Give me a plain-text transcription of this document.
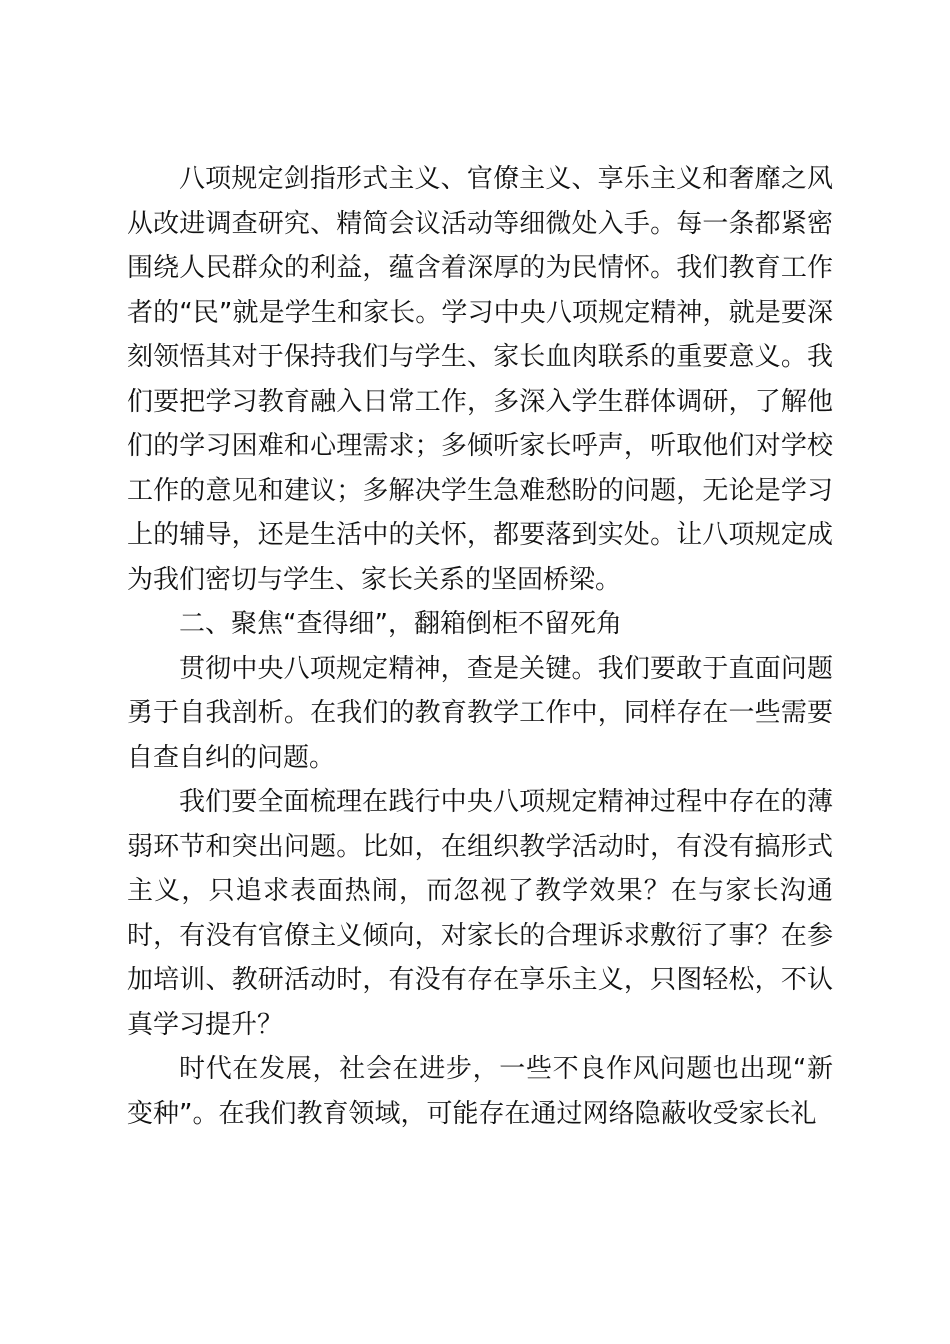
八项规定剑指形式主义、官僚主义、享乐主义和奢靡之风从改进调查研究、精简会议活动等细微处入手。每一条都紧密围绕人民群众的利益，蕴含着深厚的为民情怀。我们教育工作者的“民”就是学生和家长。学习中央八项规定精神，就是要深刻领悟其对于保持我们与学生、家长血肉联系的重要意义。我们要把学习教育融入日常工作，多深入学生群体调研，了解他们的学习困难和心理需求；多倾听家长呼声，听取他们对学校工作的意见和建议；多解决学生急难愁盼的问题，无论是学习上的辅导，还是生活中的关怀，都要落到实处。让八项规定成为我们密切与学生、家长关系的坚固桥梁。

二、聚焦“查得细”，翻箱倒柜不留死角

贯彻中央八项规定精神，查是关键。我们要敢于直面问题勇于自我剖析。在我们的教育教学工作中，同样存在一些需要自查自纠的问题。

我们要全面梳理在践行中央八项规定精神过程中存在的薄弱环节和突出问题。比如，在组织教学活动时，有没有搞形式主义，只追求表面热闹，而忽视了教学效果？在与家长沟通时，有没有官僚主义倾向，对家长的合理诉求敷衍了事？在参加培训、教研活动时，有没有存在享乐主义，只图轻松，不认真学习提升？

时代在发展，社会在进步，一些不良作风问题也出现“新变种”。在我们教育领域，可能存在通过网络隐蔽收受家长礼
